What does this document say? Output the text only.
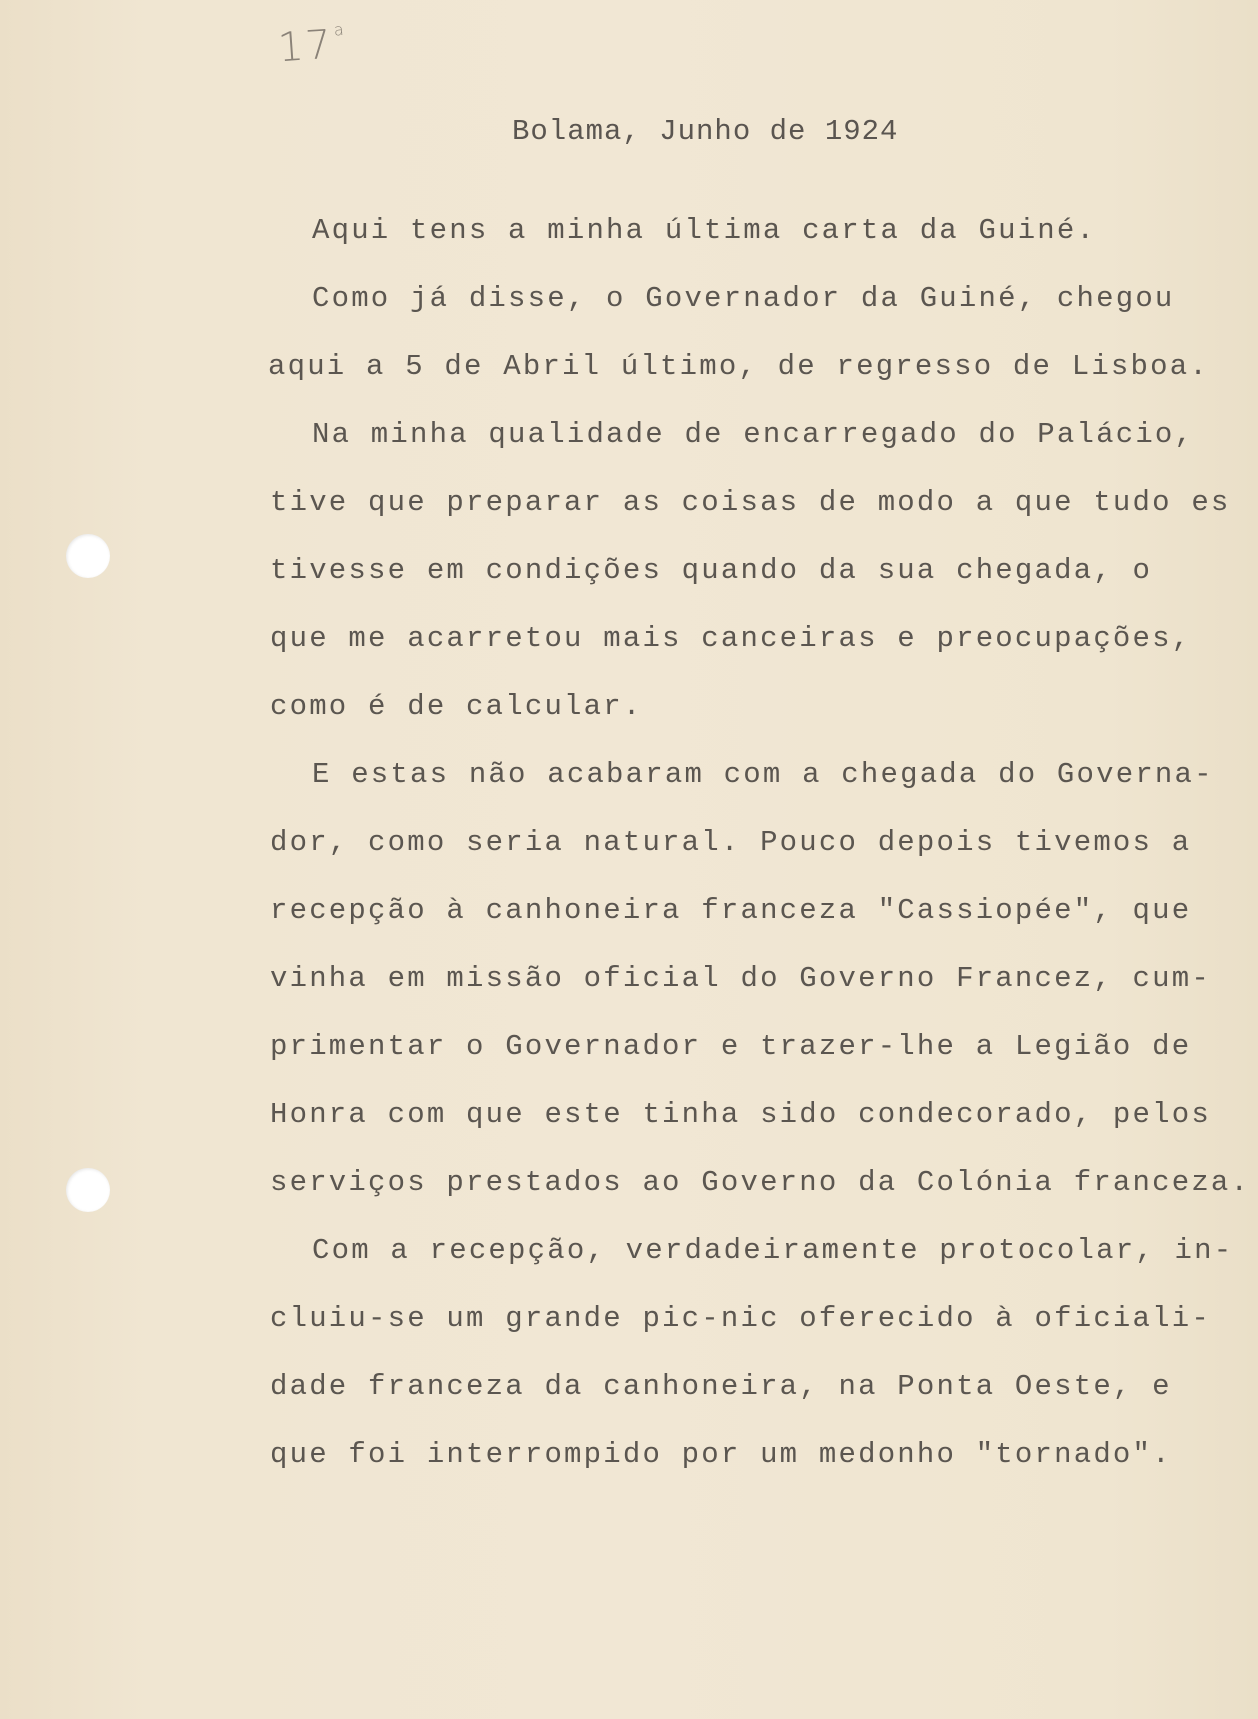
17$^a$
Bolama, Junho de 1924
Aqui tens a minha última carta da Guiné.
Como já disse, o Governador da Guiné, chegou
aqui a 5 de Abril último, de regresso de Lisboa.
Na minha qualidade de encarregado do Palácio,
tive que preparar as coisas de modo a que tudo es
tivesse em condições quando da sua chegada, o
que me acarretou mais canceiras e preocupações,
como é de calcular.
E estas não acabaram com a chegada do Governa-
dor, como seria natural. Pouco depois tivemos a
recepção à canhoneira franceza "Cassiopée", que
vinha em missão oficial do Governo Francez, cum-
primentar o Governador e trazer-lhe a Legião de
Honra com que este tinha sido condecorado, pelos
serviços prestados ao Governo da Colónia franceza.
Com a recepção, verdadeiramente protocolar, in-
cluiu-se um grande pic-nic oferecido à oficiali-
dade franceza da canhoneira, na Ponta Oeste, e
que foi interrompido por um medonho "tornado".
